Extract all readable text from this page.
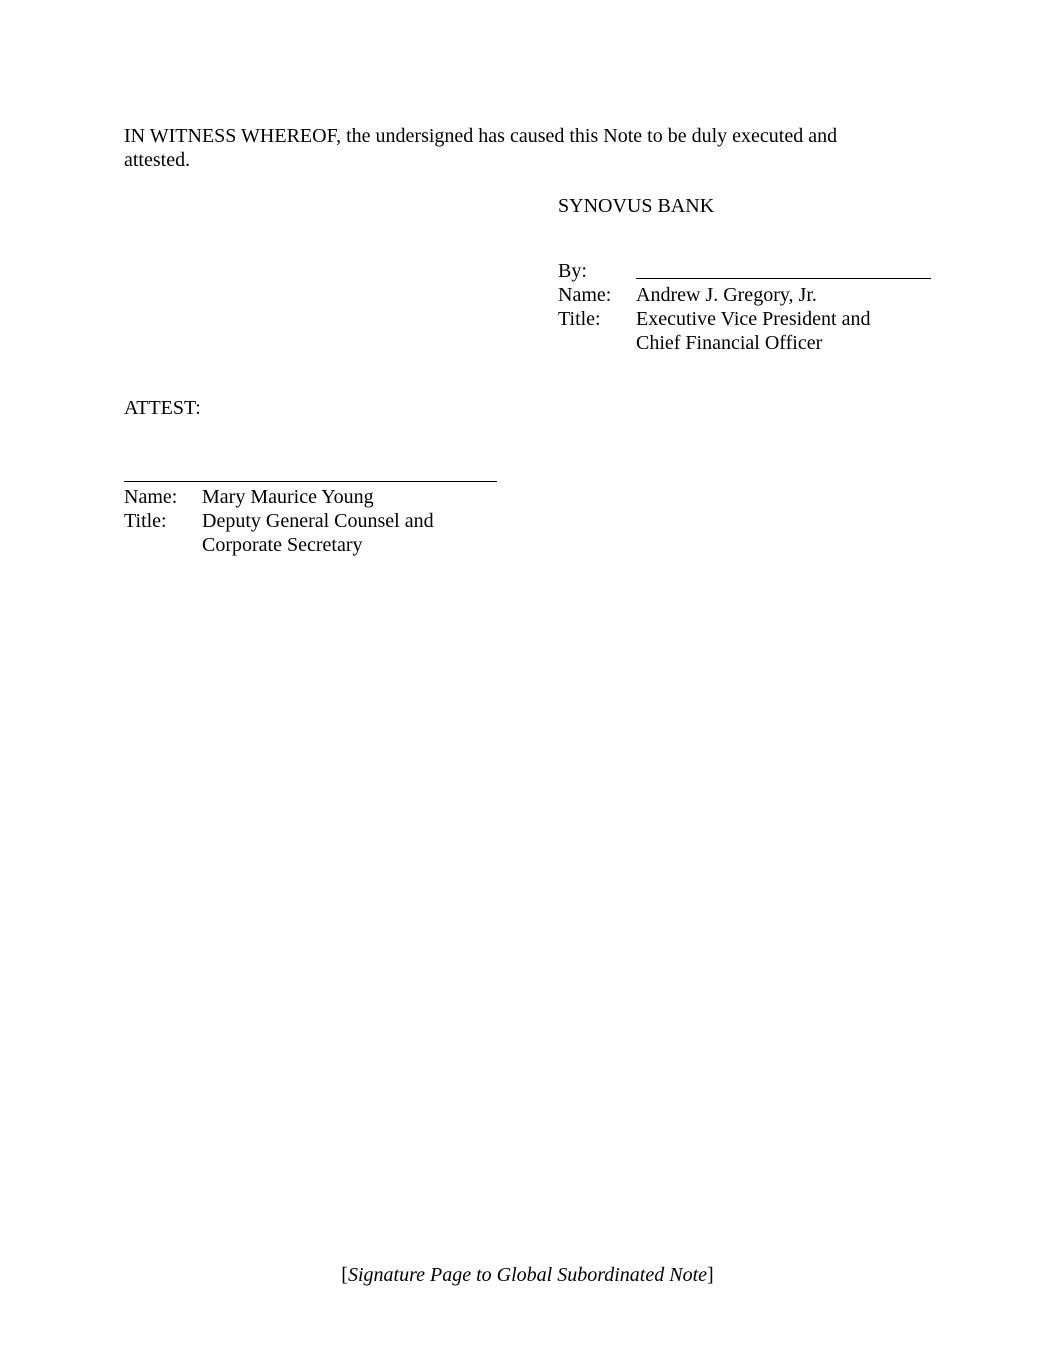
IN WITNESS WHEREOF, the undersigned has caused this Note to be duly executed and attested.
SYNOVUS BANK
By:
Name: Andrew J. Gregory, Jr.
Title: Executive Vice President and
Chief Financial Officer
ATTEST:
Name: Mary Maurice Young
Title: Deputy General Counsel and
Corporate Secretary
[Signature Page to Global Subordinated Note]
